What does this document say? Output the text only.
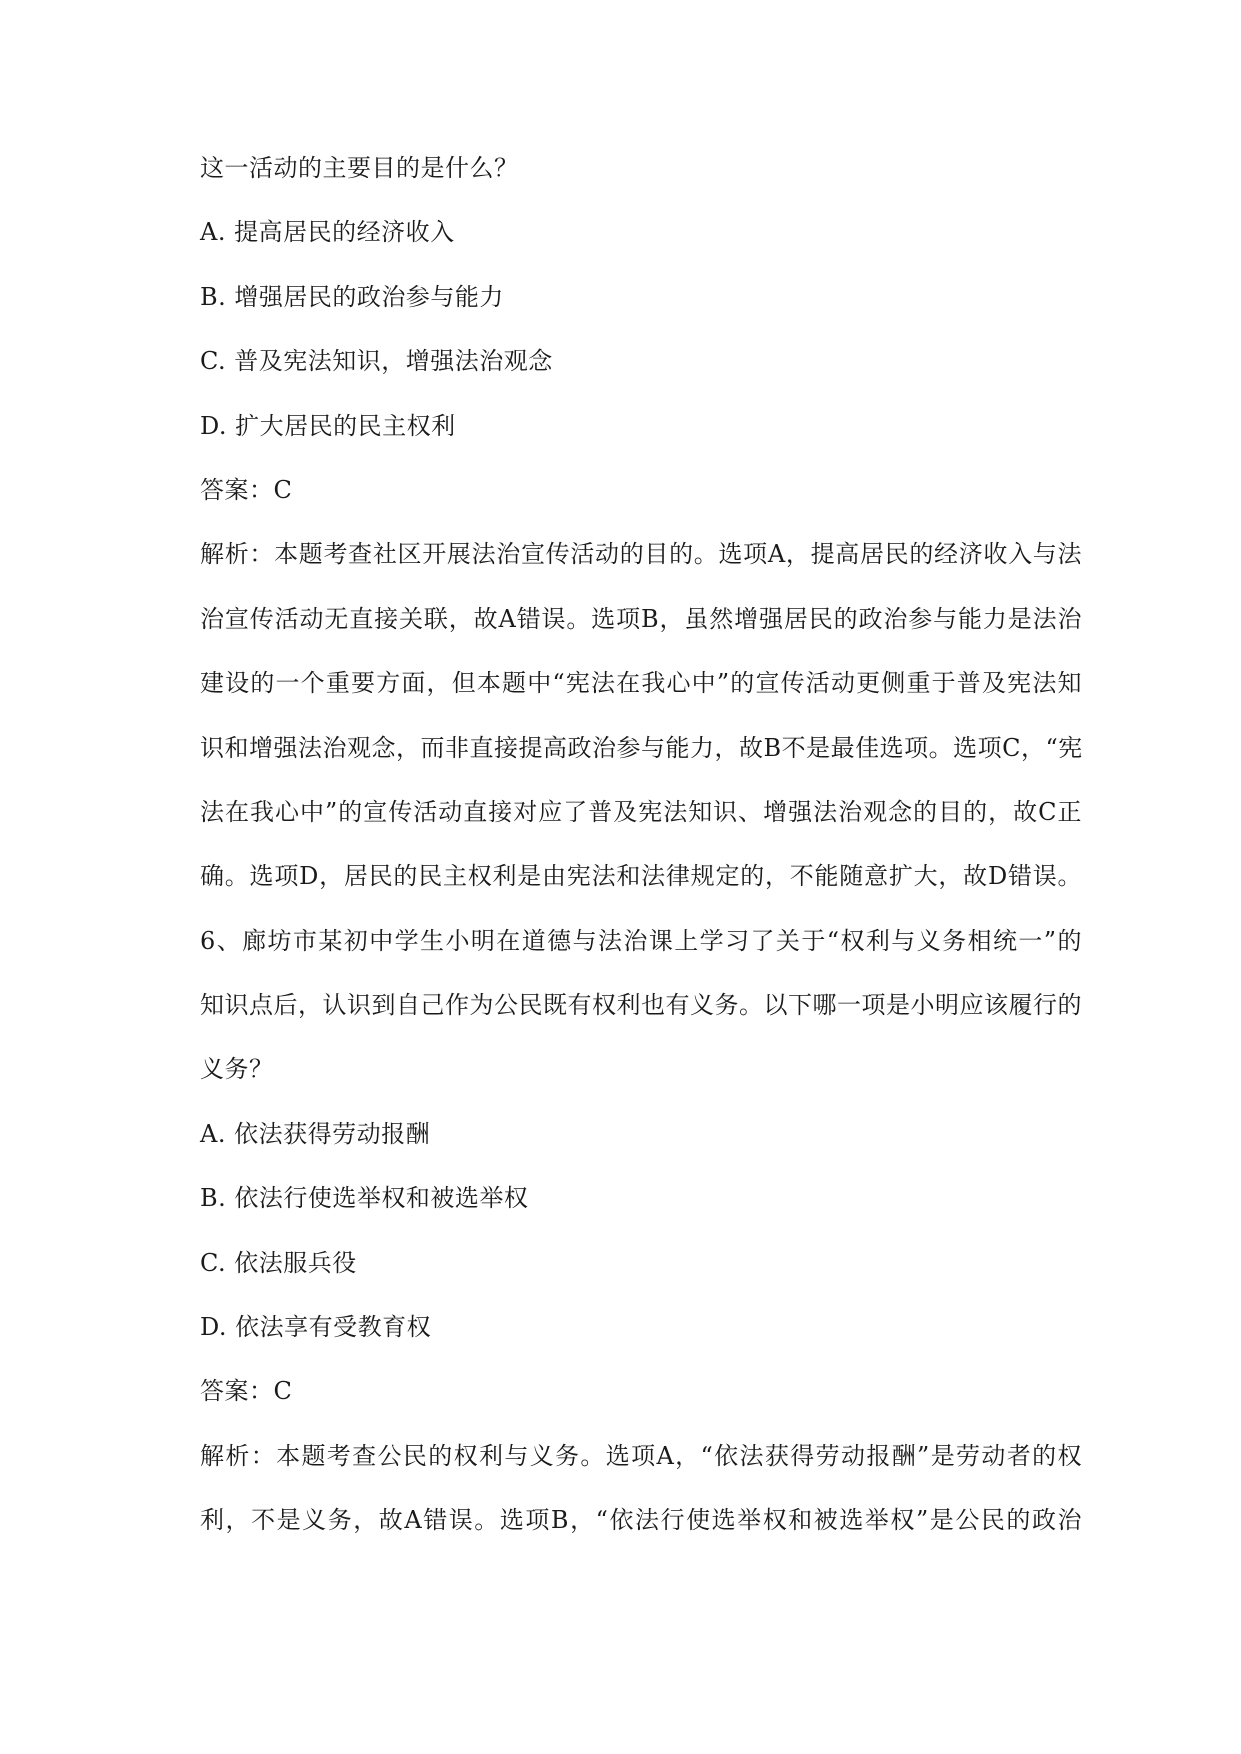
这一活动的主要目的是什么？
A. 提高居民的经济收入
B. 增强居民的政治参与能力
C. 普及宪法知识，增强法治观念
D. 扩大居民的民主权利
答案：C
解析：本题考查社区开展法治宣传活动的目的。选项A，提高居民的经济收入与法
治宣传活动无直接关联，故A错误。选项B，虽然增强居民的政治参与能力是法治
建设的一个重要方面，但本题中“宪法在我心中”的宣传活动更侧重于普及宪法知
识和增强法治观念，而非直接提高政治参与能力，故B不是最佳选项。选项C，“宪
法在我心中”的宣传活动直接对应了普及宪法知识、增强法治观念的目的，故C正
确。选项D，居民的民主权利是由宪法和法律规定的，不能随意扩大，故D错误。
6、廊坊市某初中学生小明在道德与法治课上学习了关于“权利与义务相统一”的
知识点后，认识到自己作为公民既有权利也有义务。以下哪一项是小明应该履行的
义务？
A. 依法获得劳动报酬
B. 依法行使选举权和被选举权
C. 依法服兵役
D. 依法享有受教育权
答案：C
解析：本题考查公民的权利与义务。选项A，“依法获得劳动报酬”是劳动者的权
利，不是义务，故A错误。选项B，“依法行使选举权和被选举权”是公民的政治
